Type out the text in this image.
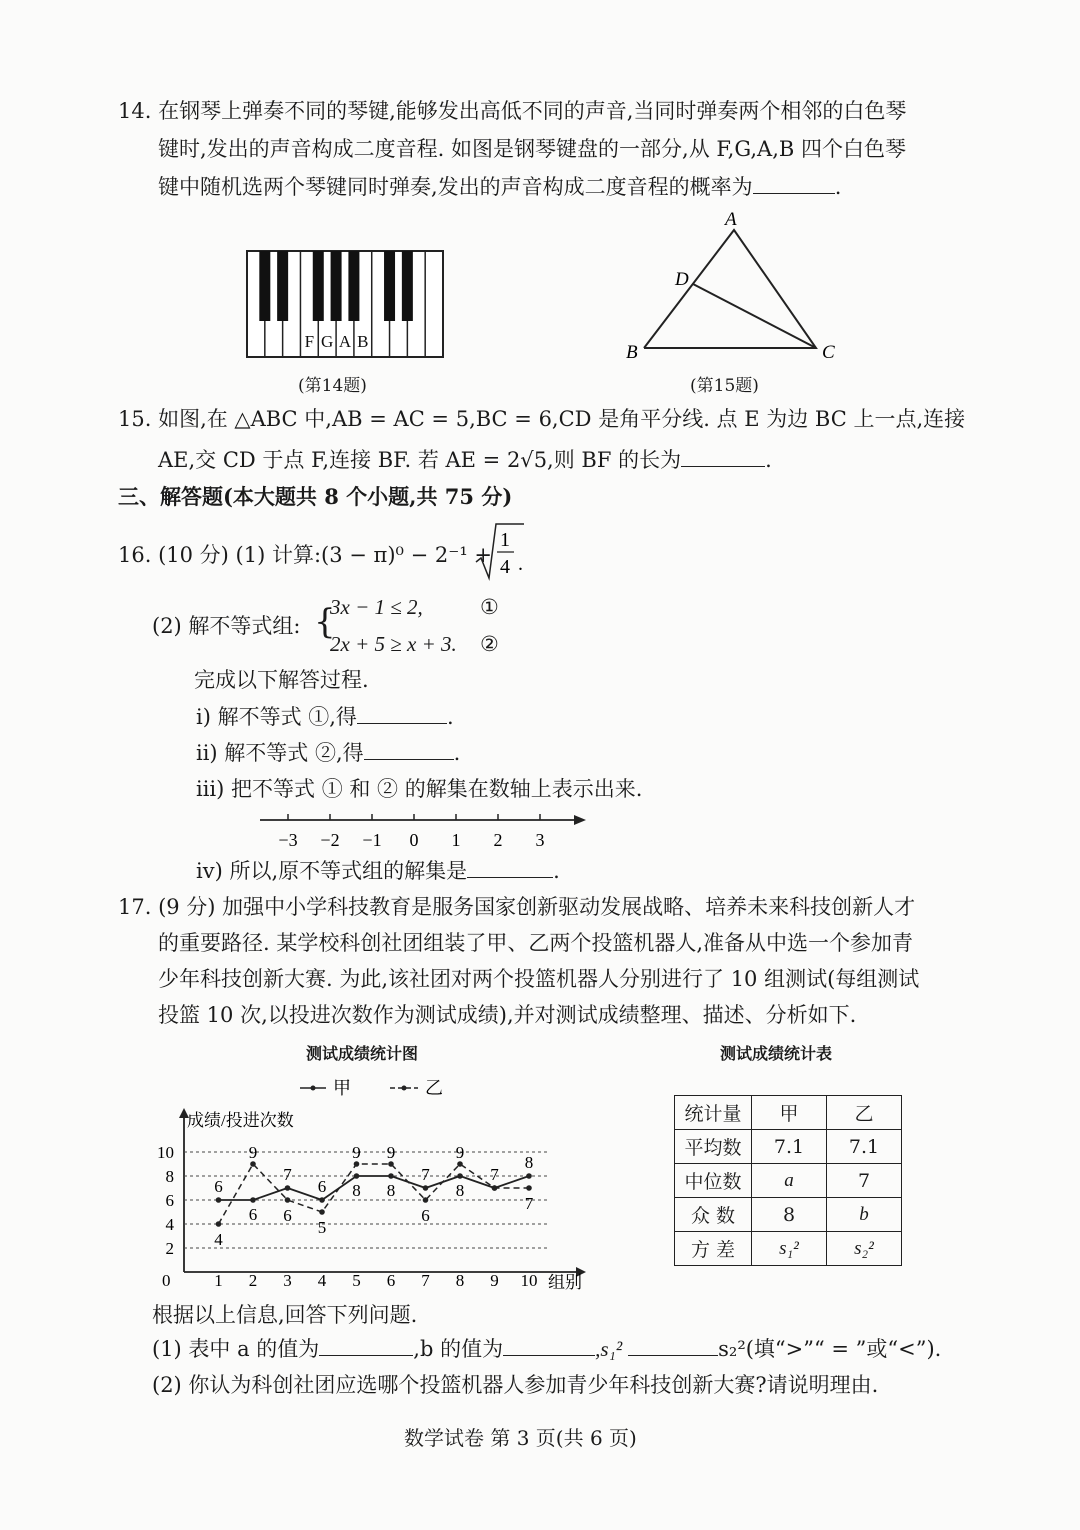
14. 在钢琴上弹奏不同的琴键,能够发出高低不同的声音,当同时弹奏两个相邻的白色琴
键时,发出的声音构成二度音程. 如图是钢琴键盘的一部分,从 F,G,A,B 四个白色琴
键中随机选两个琴键同时弹奏,发出的声音构成二度音程的概率为	.
F G A B
(第14题)
A
D
B	C
(第15题)
15. 如图,在 △ABC 中,AB = AC = 5,BC = 6,CD 是角平分线. 点 E 为边 BC 上一点,连接
AE,交 CD 于点 F,连接 BF. 若 AE = 2√5,则 BF 的长为	.
三、解答题(本大题共 8 个小题,共 75 分)
16. (10 分) (1) 计算:(3 − π)⁰ − 2⁻¹ +
1
4 .
(2) 解不等式组: {
3x − 1 ≤ 2,
2x + 5 ≥ x + 3.
①
②
完成以下解答过程.
ⅰ) 解不等式 ①,得	.
ⅱ) 解不等式 ②,得	.
ⅲ) 把不等式 ① 和 ② 的解集在数轴上表示出来.
−3 −2 −1 0 1 2 3
ⅳ) 所以,原不等式组的解集是	.
17. (9 分) 加强中小学科技教育是服务国家创新驱动发展战略、培养未来科技创新人才
的重要路径. 某学校科创社团组装了甲、乙两个投篮机器人,准备从中选一个参加青
少年科技创新大赛. 为此,该社团对两个投篮机器人分别进行了 10 组测试(每组测试
投篮 10 次,以投进次数作为测试成绩),并对测试成绩整理、描述、分析如下.
测试成绩统计图
甲	乙
成绩/投进次数
组别
0
2
4
6
8
10
1 2 3 4 5 6 7 8 9 10
6
6
7
6 8 8
7
8
7
8
4
9
6
5
9 9
6
9
7
测试成绩统计表
统计量	甲	乙
平均数	7.1	7.1
中位数	a	7
众 数	8	b
方 差	s₁²	s₂²
根据以上信息,回答下列问题.
(1) 表中 a 的值为	,b 的值为	,s₁²	s₂²(填“>”“ = ”或“<”).
(2) 你认为科创社团应选哪个投篮机器人参加青少年科技创新大赛?请说明理由.
数学试卷 第 3 页(共 6 页)
